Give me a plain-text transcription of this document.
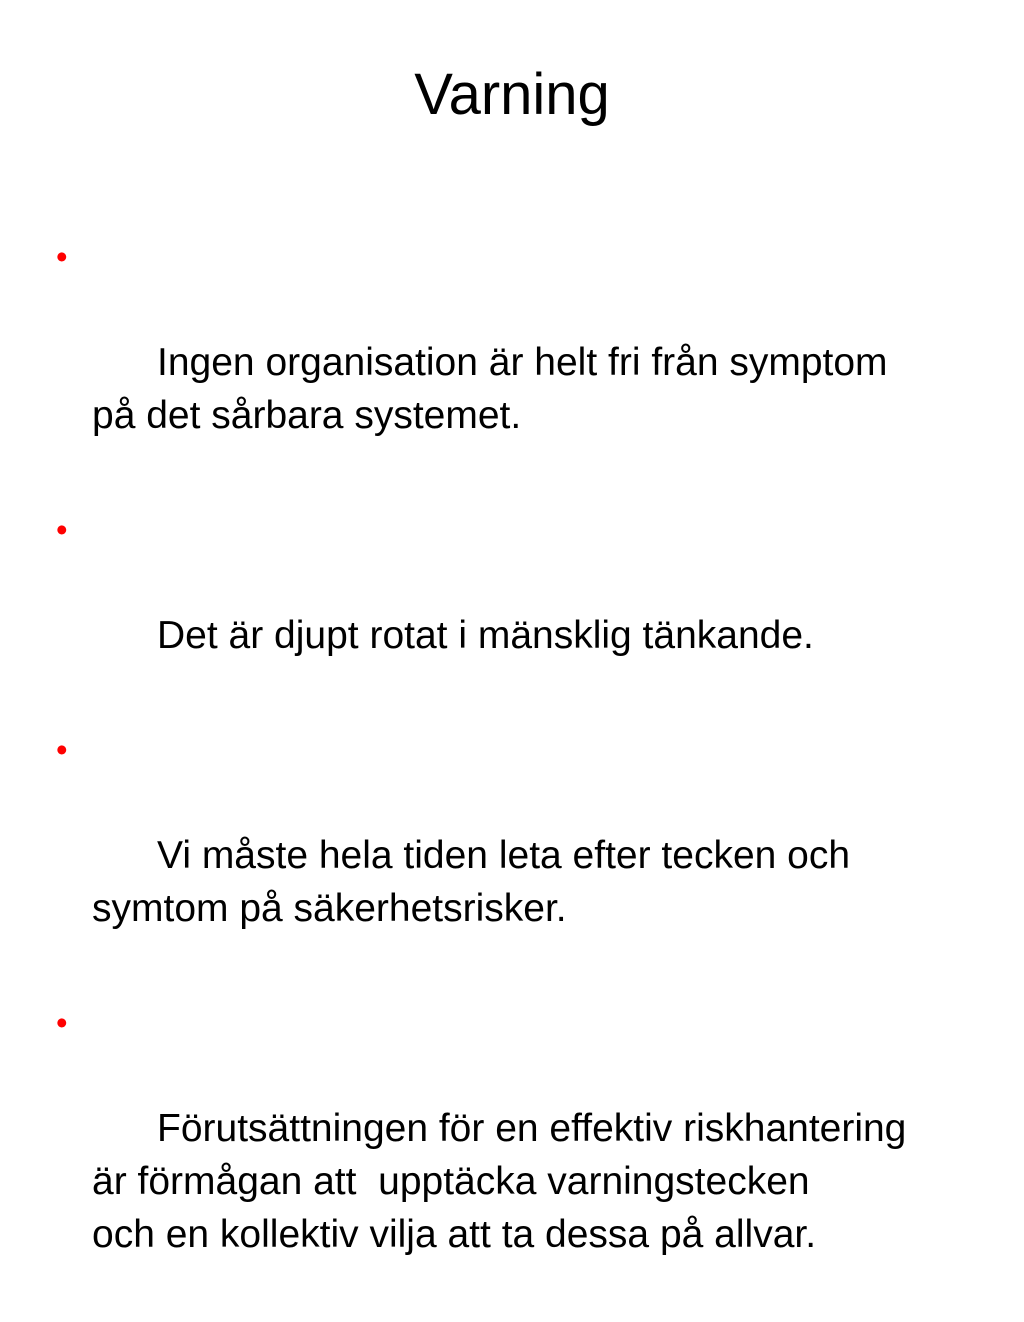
Varning

•

Ingen organisation är helt fri från symptom
på det sårbara systemet.

•

Det är djupt rotat i mänsklig tänkande.

•

Vi måste hela tiden leta efter tecken och
symtom på säkerhetsrisker.

•

Förutsättningen för en effektiv riskhantering
är förmågan att  upptäcka varningstecken
och en kollektiv vilja att ta dessa på allvar.
